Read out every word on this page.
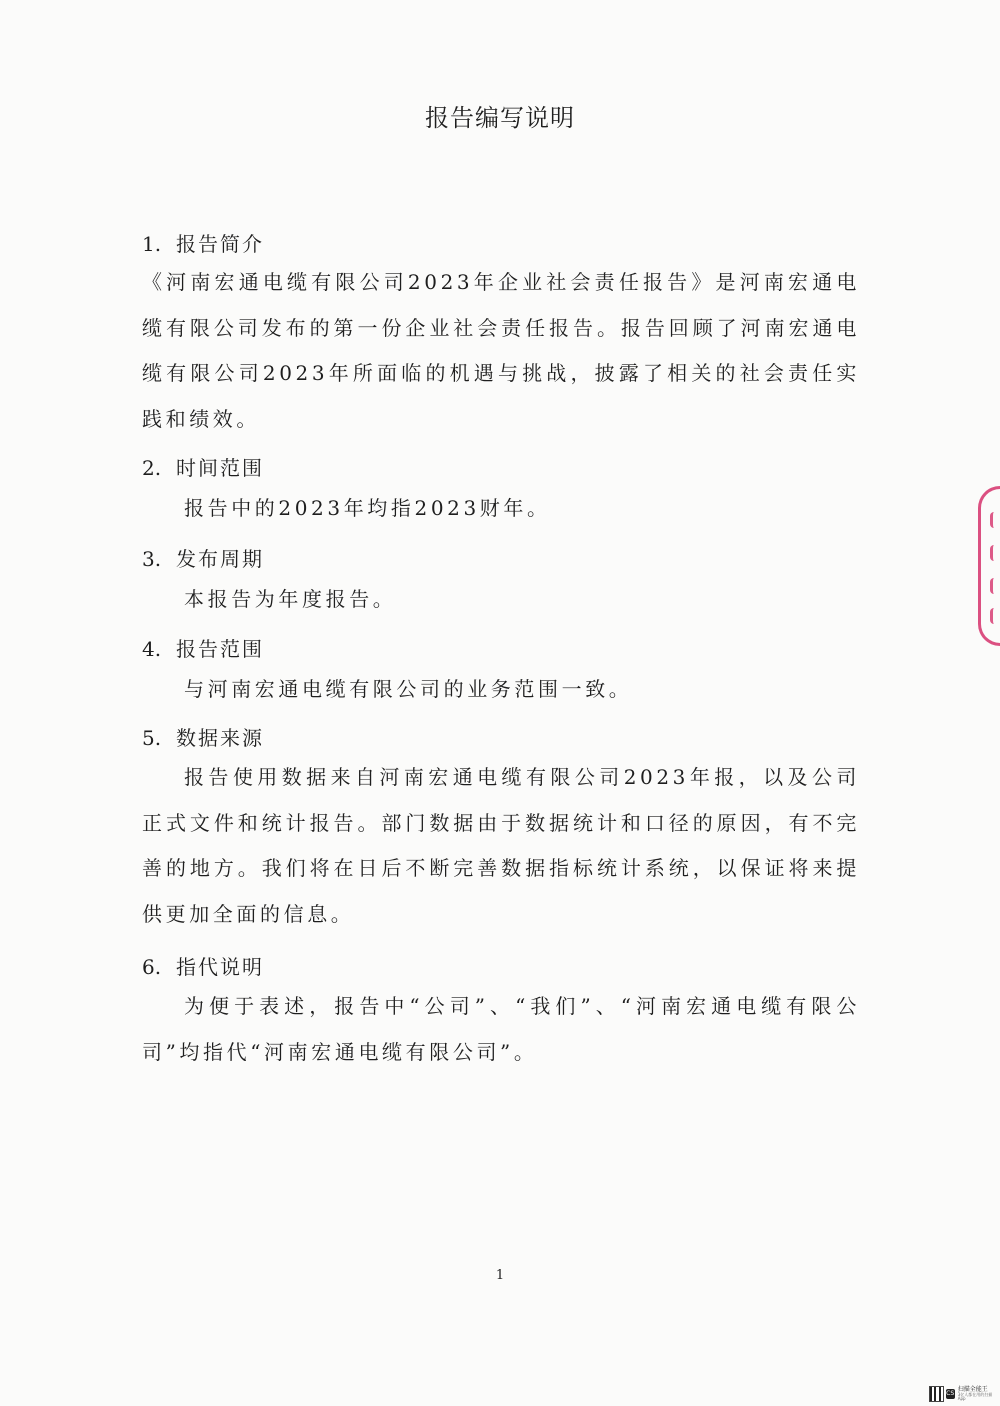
报告编写说明
1. 报告简介

《河南宏通电缆有限公司2023年企业社会责任报告》是河南宏通电缆有限公司发布的第一份企业社会责任报告。报告回顾了河南宏通电缆有限公司2023年所面临的机遇与挑战，披露了相关的社会责任实践和绩效。

2. 时间范围

报告中的2023年均指2023财年。

3. 发布周期

本报告为年度报告。

4. 报告范围

与河南宏通电缆有限公司的业务范围一致。

5. 数据来源

报告使用数据来自河南宏通电缆有限公司2023年报，以及公司正式文件和统计报告。部门数据由于数据统计和口径的原因，有不完善的地方。我们将在日后不断完善数据指标统计系统，以保证将来提供更加全面的信息。

6. 指代说明

为便于表述，报告中“公司”、“我们”、“河南宏通电缆有限公司”均指代“河南宏通电缆有限公司”。

1
CS
扫描全能王
3亿人都在用的扫描App
